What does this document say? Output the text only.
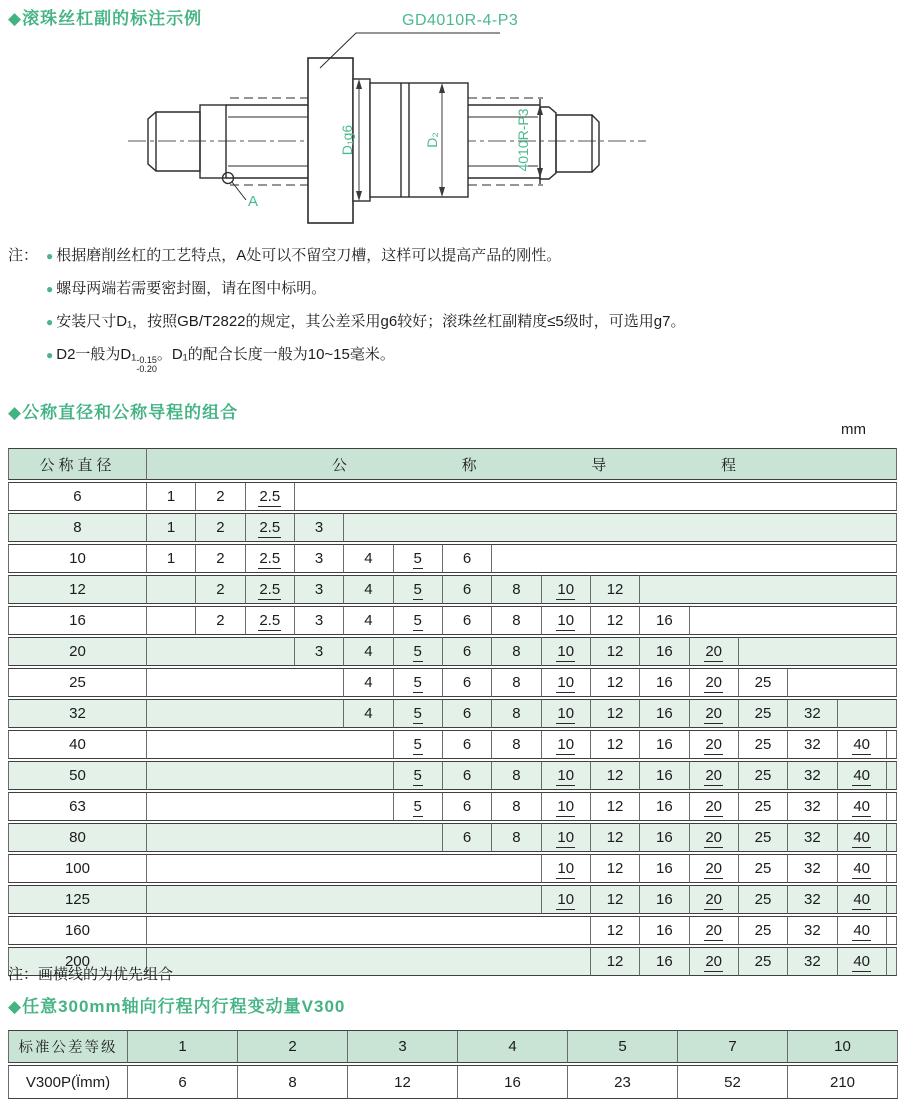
◆滚珠丝杠副的标注示例	GD4010R-4-P3
D₁g6	D₂	4010R-P3
A
注： ● 根据磨削丝杠的工艺特点，A处可以不留空刀槽，这样可以提高产品的刚性。
● 螺母两端若需要密封圈，请在图中标明。
● 安装尺寸D₁，按照GB/T2822的规定，其公差采用g6较好；滚珠丝杠副精度≤5级时，可选用g7。
● D2一般为D₁ -0.15
-0.20
。D₁的配合长度一般为10~15毫米。
◆公称直径和公称导程的组合
mm
公称直径	公 称 导 程															

6	1	2	2.5													
8	1	2	2.5	3												
10	1	2	2.5	3	4	5	6									
12		2	2.5	3	4	5	6	8	10	12						
16		2	2.5	3	4	5	6	8	10	12	16					
20				3	4	5	6	8	10	12	16	20				
25					4	5	6	8	10	12	16	20	25			
32					4	5	6	8	10	12	16	20	25	32		
40						5	6	8	10	12	16	20	25	32	40	
50						5	6	8	10	12	16	20	25	32	40	
63						5	6	8	10	12	16	20	25	32	40	
80							6	8	10	12	16	20	25	32	40	
100									10	12	16	20	25	32	40	
125									10	12	16	20	25	32	40	
160										12	16	20	25	32	40	
200										12	16	20	25	32	40	
注：画横线的为优先组合
◆任意300mm轴向行程内行程变动量V300
标准公差等级	1	2	3	4	5	7	10
V300P(Ïmm)	6	8	12	16	23	52	210
